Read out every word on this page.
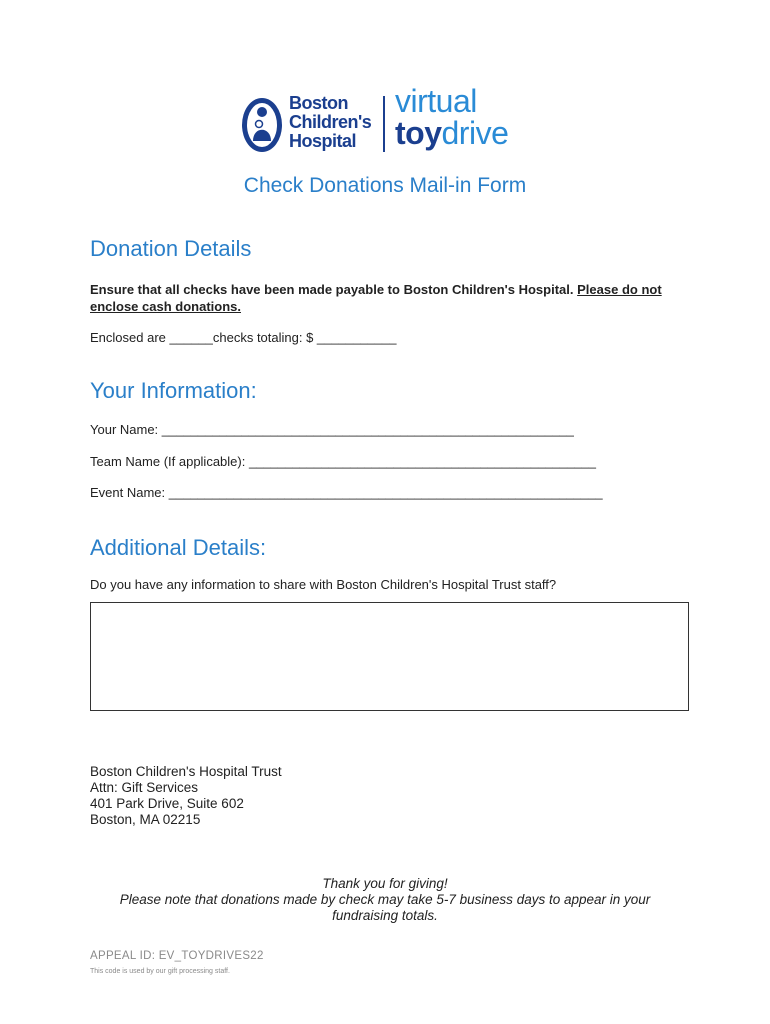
Boston
Children's
Hospital
virtual
toydrive
Check Donations Mail-in Form
Donation Details
Ensure that all checks have been made payable to Boston Children's Hospital. Please do not
enclose cash donations.
Enclosed are ______checks totaling: $ ___________
Your Information:
Your Name: _________________________________________________________
Team Name (If applicable): ________________________________________________
Event Name: ____________________________________________________________
Additional Details:
Do you have any information to share with Boston Children's Hospital Trust staff?
Boston Children's Hospital Trust
Attn: Gift Services
401 Park Drive, Suite 602
Boston, MA 02215
Thank you for giving!
Please note that donations made by check may take 5-7 business days to appear in your
fundraising totals.
APPEAL ID: EV_TOYDRIVES22
This code is used by our gift processing staff.
